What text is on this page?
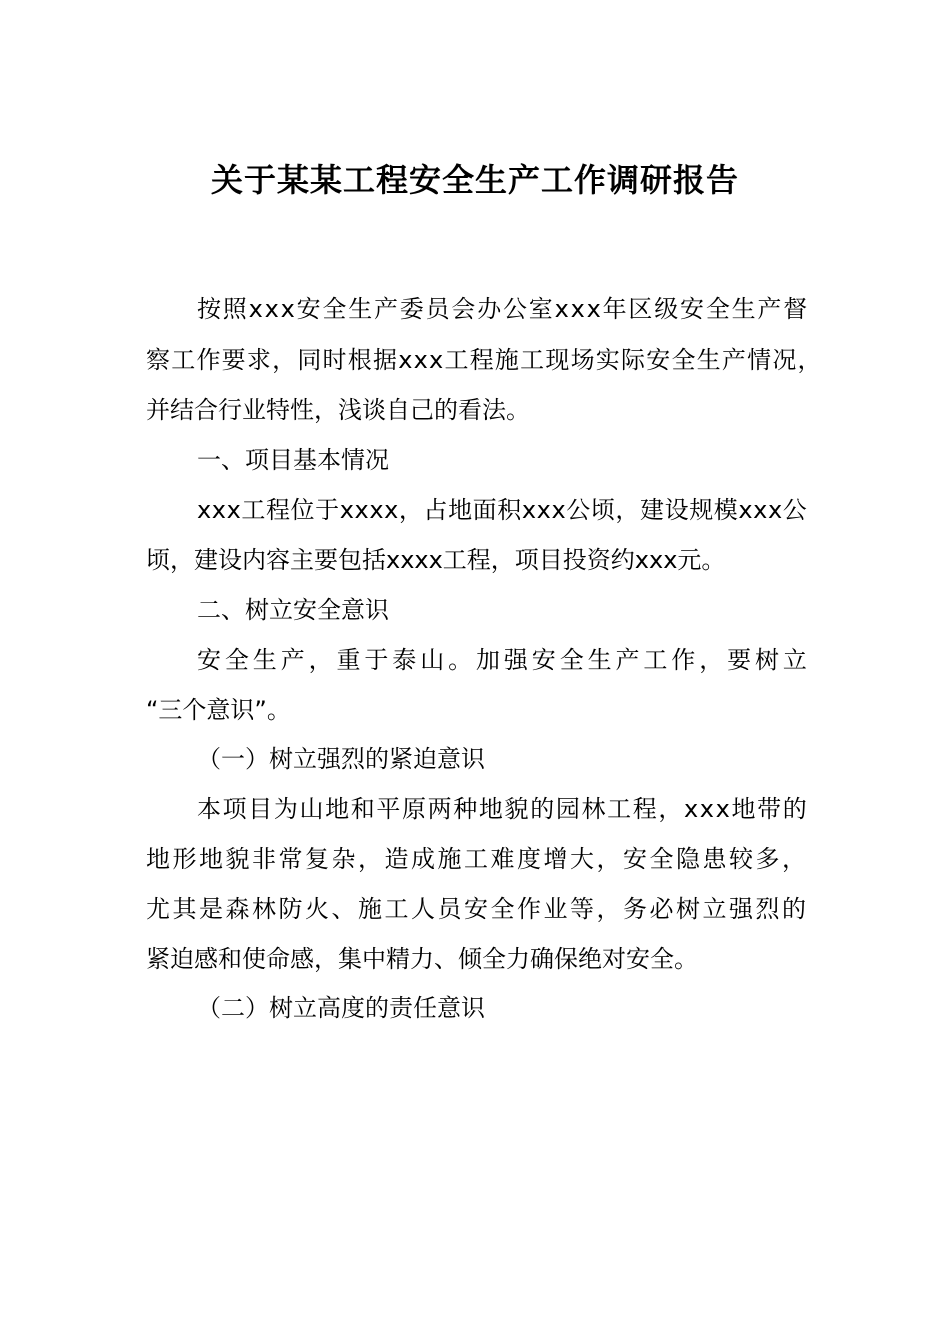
关于某某工程安全生产工作调研报告
按照xxx安全生产委员会办公室xxx年区级安全生产督
察工作要求，同时根据xxx工程施工现场实际安全生产情况，
并结合行业特性，浅谈自己的看法。
一、项目基本情况
xxx工程位于xxxx，占地面积xxx公顷，建设规模xxx公
顷，建设内容主要包括xxxx工程，项目投资约xxx元。
二、树立安全意识
安全生产，重于泰山。加强安全生产工作，要树立
“三个意识”。
（一）树立强烈的紧迫意识
本项目为山地和平原两种地貌的园林工程，xxx地带的
地形地貌非常复杂，造成施工难度增大，安全隐患较多，
尤其是森林防火、施工人员安全作业等，务必树立强烈的
紧迫感和使命感，集中精力、倾全力确保绝对安全。
（二）树立高度的责任意识
